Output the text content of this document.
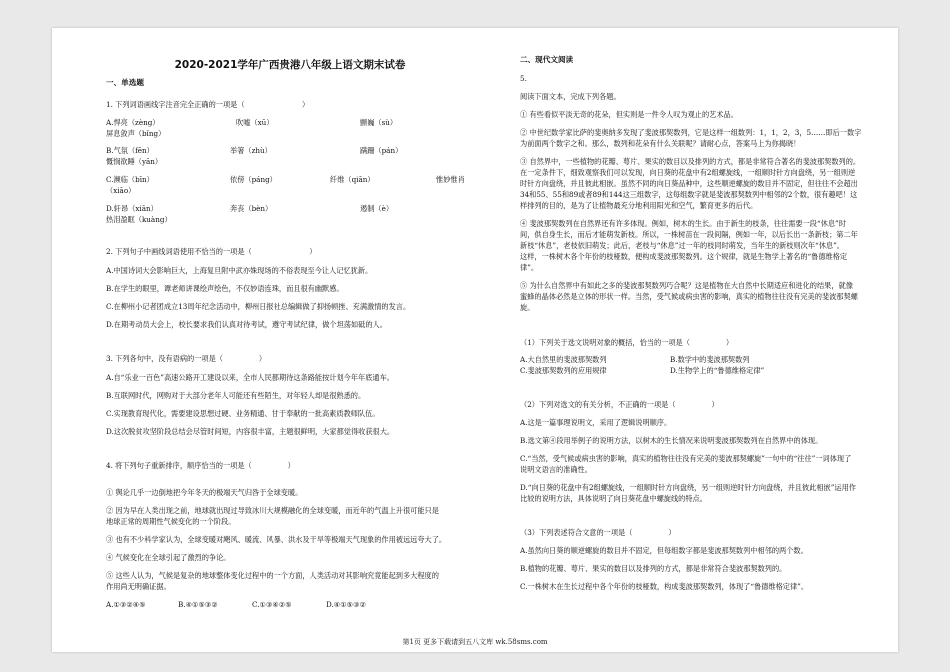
2020-2021学年广西贵港八年级上语文期末试卷
一、单选题
1. 下列词语画线字注音完全正确的一项是（　　　　　　　　）
A.悍亮（zèng）	吹嘘（xū）	颤巍（sù）
屏息敛声（bǐng）
B.气氛（fēn）	举箸（zhù）	蹒跚（pán）
慨悯欲睡（yān）
C.濒临（bīn）	依傍（páng）	纤维（qiān）	惟妙惟肖
（xiāo）
D.轩昂（xiān）	奔丧（bèn）	遏制（è）
热泪盈眶（kuàng）
2. 下列句子中画线词语使用不恰当的一项是（　　　　　　　　）
A.中国诗词大会影响巨大，上海复旦附中武亦姝现场的不俗表现至今让人记忆犹新。
B.在学生的眼里，谭老师讲课绘声绘色，不仅妙语连珠，而且很有幽默感。
C.在柳州小记者团成立13周年纪念活动中，柳州日报社总编辑做了抑扬顿挫、充满激情的发言。
D.在期考动员大会上，校长要求我们认真对待考试，遵守考试纪律，做个坦荡如砥的人。
3. 下列各句中，没有语病的一项是（　　　　　）
A.自“乐业一百色”高速公路开工建设以来，全市人民都期待这条路能按计划今年年底通车。
B.互联网时代，网购对于大部分老年人可能还有些陌生，对年轻人却是很熟悉的。
C.实现教育现代化，需要建设思想过硬、业务精通、甘于奉献的一批高素质教师队伍。
D.这次脱贫攻坚阶段总结会尽管时间短，内容很丰富，主题很鲜明，大家都觉得收获很大。
4. 将下列句子重新排序，顺序恰当的一项是（　　　　　）
① 舆论几乎一边倒地把今年冬天的极端天气归咎于全球变暖。
② 因为早在人类出现之前，地球就出现过导致冰川大规模融化的全球变暖，而近年的气温上升很可能只是
地球正常的周期性气候变化的一个阶段。
③ 也有不少科学家认为，全球变暖对飓风、暖流、风暴、洪水及干旱等极端天气现象的作用被远远夸大了。
④ 气候变化在全球引起了激烈的争论。
⑤ 这些人认为，气候是复杂的地球整体变化过程中的一个方面，人类活动对其影响究竟能起到多大程度的
作用尚无明确证据。
A.①③②④⑤	B.④①⑤③②	C.①③④②⑤	D.④①⑤③②
二、现代文阅读
5.
阅读下面文本，完成下列各题。
① 有些看似平淡无奇的花朵，但实则是一件令人叹为观止的艺术品。
② 中世纪数学家比萨的斐奥纳多发现了斐波那契数列，它是这样一组数列：1，1，2，3，5……即后一数字
为前面两个数字之和。那么，数列和花朵有什么关联呢？请耐心点，答案马上为你揭晓！
③ 自然界中，一些植物的花瓣、萼片、果实的数目以及排列的方式，都是非常符合著名的斐波那契数列的。
在一定条件下，细致观察我们可以发现，向日葵的花盘中有2组螺旋线，一组顺时针方向盘绕，另一组则逆
时针方向盘绕，并且彼此相嵌。虽然不同的向日葵品种中，这些顺逆螺旋的数目并不固定，但往往不会超出
34和55、55和89或者89和144这三组数字，这每组数字就是斐波那契数列中相邻的2个数，很有趣吧！这
样排列的目的，是为了让植物最充分地利用阳光和空气，繁育更多的后代。
④ 斐波那契数列在自然界还有许多体现。例如，树木的生长。由于新生的枝条，往往需要一段“休息”时
间，供自身生长，而后才能萌发新枝。所以，一株树苗在一段间隔，例如一年，以后长出一条新枝；第二年
新枝“休息”，老枝依旧萌发；此后，老枝与“休息”过一年的枝同时萌发，当年生的新枝则次年“休息”。
这样，一株树木各个年份的枝桠数，便构成斐波那契数列。这个规律，就是生物学上著名的“鲁德维格定
律”。
⑤ 为什么自然界中有如此之多的斐波那契数列巧合呢？这是植物在大自然中长期适应和进化的结果，就像
蜜蜂的晶体必然是立体的形状一样。当然，受气候或病虫害的影响，真实的植物往往没有完美的斐波那契螺
旋。
（1）下列关于选文说明对象的概括，恰当的一项是（　　　　　）
A.大自然里的斐波那契数列	B.数学中的斐波那契数列
C.斐波那契数列的应用规律	D.生物学上的“鲁德维格定律”
（2）下列对选文的有关分析，不正确的一项是（　　　　　）
A.这是一篇事理说明文，采用了逻辑说明顺序。
B.选文第④段用举例子的说明方法，以树木的生长情况来说明斐波那契数列在自然界中的体现。
C.“当然，受气候或病虫害的影响，真实的植物往往没有完美的斐波那契螺旋”一句中的“往往”一词体现了
说明文语言的准确性。
D.“向日葵的花盘中有2组螺旋线，一组顺时针方向盘绕，另一组则逆时针方向盘绕，并且彼此相嵌”运用作
比较的说明方法，具体说明了向日葵花盘中螺旋线的特点。
（3）下列表述符合文意的一项是（　　　　　）
A.虽然向日葵的顺逆螺旋的数目并不固定，但每组数字都是斐波那契数列中相邻的两个数。
B.植物的花瓣、萼片、果实的数目以及排列的方式，都是非常符合斐波那契数列的。
C.一株树木在生长过程中各个年份的枝桠数，构成斐波那契数列，体现了“鲁德维格定律”。
第1页 更多下载请到五八文库 wk.58sms.com
